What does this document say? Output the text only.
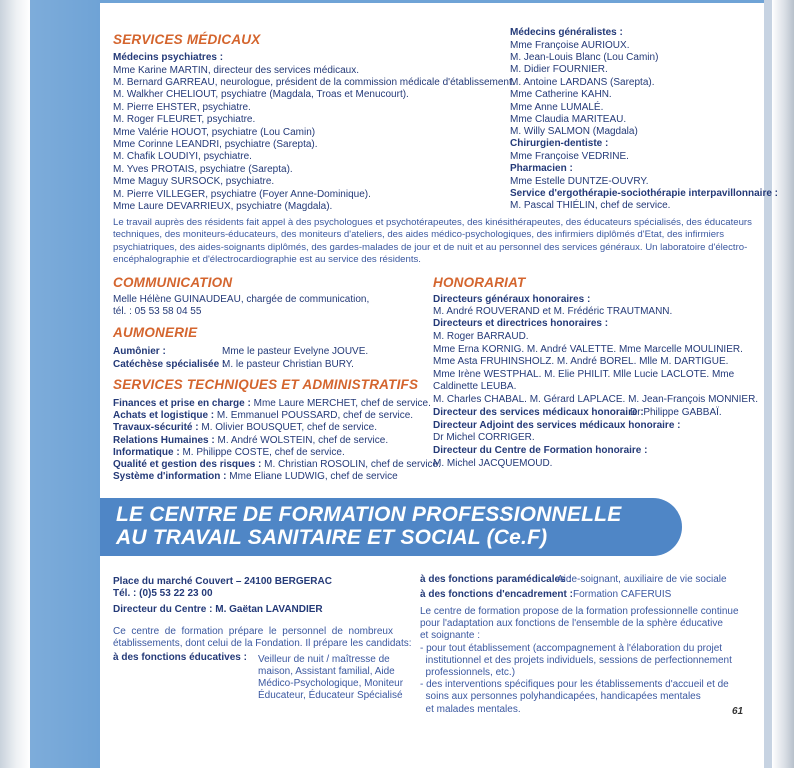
SERVICES MÉDICAUX
Médecins psychiatres :
Mme Karine MARTIN, directeur des services médicaux.
M. Bernard GARREAU, neurologue, président de la commission médicale d'établissement.
M. Walkher CHELIOUT, psychiatre (Magdala, Troas et Menucourt).
M. Pierre EHSTER, psychiatre.
M. Roger FLEURET, psychiatre.
Mme Valérie HOUOT, psychiatre (Lou Camin)
Mme Corinne LEANDRI, psychiatre (Sarepta).
M. Chafik LOUDIYI, psychiatre.
M. Yves PROTAIS, psychiatre (Sarepta).
Mme Maguy SURSOCK, psychiatre.
M. Pierre VILLEGER, psychiatre (Foyer Anne-Dominique).
Mme Laure DEVARRIEUX, psychiatre (Magdala).
Médecins généralistes :
Mme Françoise AURIOUX.
M. Jean-Louis Blanc (Lou Camin)
M. Didier FOURNIER.
M. Antoine LARDANS (Sarepta).
Mme Catherine KAHN.
Mme Anne LUMALÉ.
Mme Claudia MARITEAU.
M. Willy SALMON (Magdala)
Chirurgien-dentiste :
Mme Françoise VEDRINE.
Pharmacien :
Mme Estelle DUNTZE-OUVRY.
Service d'ergothérapie-sociothérapie interpavillonnaire :
M. Pascal THIÉLIN, chef de service.
Le travail auprès des résidents fait appel à des psychologues et psychotérapeutes, des kinésithérapeutes, des éducateurs spécialisés, des éducateurs
techniques, des moniteurs-éducateurs, des moniteurs d'ateliers, des aides médico-psychologiques, des infirmiers diplômés d'Etat, des infirmiers
psychiatriques, des aides-soignants diplômés, des gardes-malades de jour et de nuit et au personnel des services généraux. Un laboratoire d'électro-
encéphalographie et d'électrocardiographie est au service des résidents.
COMMUNICATION
Melle Hélène GUINAUDEAU, chargée de communication,
tél. : 05 53 58 04 55
AUMONERIE
Aumônier :	Mme le pasteur Evelyne JOUVE.
Catéchèse spécialisée :
M. le pasteur Christian BURY.
SERVICES TECHNIQUES ET ADMINISTRATIFS
Finances et prise en charge : Mme Laure MERCHET, chef de service.
Achats et logistique : M. Emmanuel POUSSARD, chef de service.
Travaux-sécurité : M. Olivier BOUSQUET, chef de service.
Relations Humaines : M. André WOLSTEIN, chef de service.
Informatique : M. Philippe COSTE, chef de service.
Qualité et gestion des risques : M. Christian ROSOLIN, chef de service.
Système d'information : Mme Eliane LUDWIG, chef de service
HONORARIAT
Directeurs généraux honoraires :
M. André ROUVERAND et M. Frédéric TRAUTMANN.
Directeurs et directrices honoraires :
M. Roger BARRAUD.
Mme Erna KORNIG. M. André VALETTE. Mme Marcelle MOULINIER.
Mme Asta FRUHINSHOLZ. M. André BOREL. Mlle M. DARTIGUE.
Mme Irène WESTPHAL. M. Elie PHILIT. Mlle Lucie LACLOTE. Mme
Caldinette LEUBA.
M. Charles CHABAL. M. Gérard LAPLACE. M. Jean-François MONNIER.
Directeur des services médicaux honoraire :
Dr Philippe GABBAÏ.
Directeur Adjoint des services médicaux honoraire :
Dr Michel CORRIGER.
Directeur du Centre de Formation honoraire :
M. Michel JACQUEMOUD.
LE CENTRE DE FORMATION PROFESSIONNELLE
AU TRAVAIL SANITAIRE ET SOCIAL (Ce.F)
Place du marché Couvert – 24100 BERGERAC
Tél. : (0)5 53 22 23 00
Directeur du Centre : M. Gaëtan LAVANDIER
Ce centre de formation prépare le personnel de nombreux
établissements, dont celui de la Fondation. Il prépare les candidats:
à des fonctions éducatives : Veilleur de nuit / maîtresse de
maison, Assistant familial, Aide
Médico-Psychologique, Moniteur
Éducateur, Éducateur Spécialisé
à des fonctions paramédicales :
Aide-soignant, auxiliaire de vie sociale
à des fonctions d'encadrement : Formation CAFERUIS
Le centre de formation propose de la formation professionnelle continue
pour l'adaptation aux fonctions de l'ensemble de la sphère éducative
et soignante :
- pour tout établissement (accompagnement à l'élaboration du projet
institutionnel et des projets individuels, sessions de perfectionnement
professionnels, etc.)
- des interventions spécifiques pour les établissements d'accueil et de
soins aux personnes polyhandicapées, handicapées mentales
et malades mentales.	61
